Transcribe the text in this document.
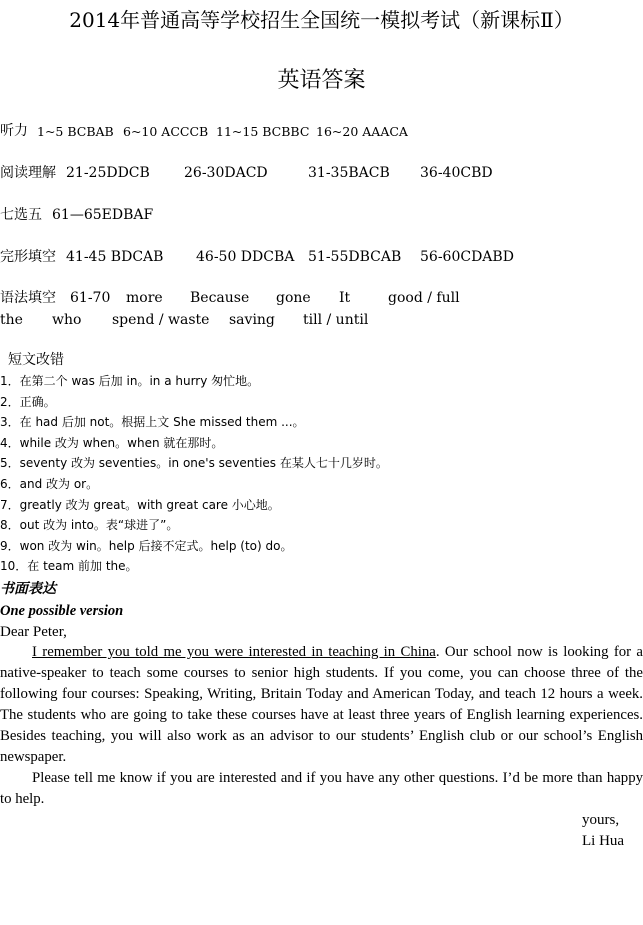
2014年普通高等学校招生全国统一模拟考试（新课标Ⅱ）
英语答案
听力 1~5 BCBAB 6~10 ACCCB 11~15 BCBBC 16~20 AAACA
阅读理解 21-25DDCB 26-30DACD	31-35BACB 36-40CBD
七选五 61—65EDBAF
完形填空 41-45 BDCAB 46-50 DDCBA 51-55DBCAB 56-60CDABD
语法填空 61-70 more Because gone It	good / full
the who spend / waste saving till / until
短文改错
1．在第二个 was 后加 in。in a hurry 匆忙地。
2．正确。
3．在 had 后加 not。根据上文 She missed them ...。
4．while 改为 when。when 就在那时。
5．seventy 改为 seventies。in one's seventies 在某人七十几岁时。
6．and 改为 or。
7．greatly 改为 great。with great care 小心地。
8．out 改为 into。表“球进了”。
9．won 改为 win。help 后接不定式。help (to) do。
10．在 team 前加 the。
书面表达
One possible version
Dear Peter,

I remember you told me you were interested in teaching in China. Our school now is looking for a native-speaker to teach some courses to senior high students. If you come, you can choose three of the following four courses: Speaking, Writing, Britain Today and American Today, and teach 12 hours a week. The students who are going to take these courses have at least three years of English learning experiences. Besides teaching, you will also work as an advisor to our students’ English club or our school’s English newspaper.

Please tell me know if you are interested and if you have any other questions. I’d be more than happy to help.

yours,
Li Hua
